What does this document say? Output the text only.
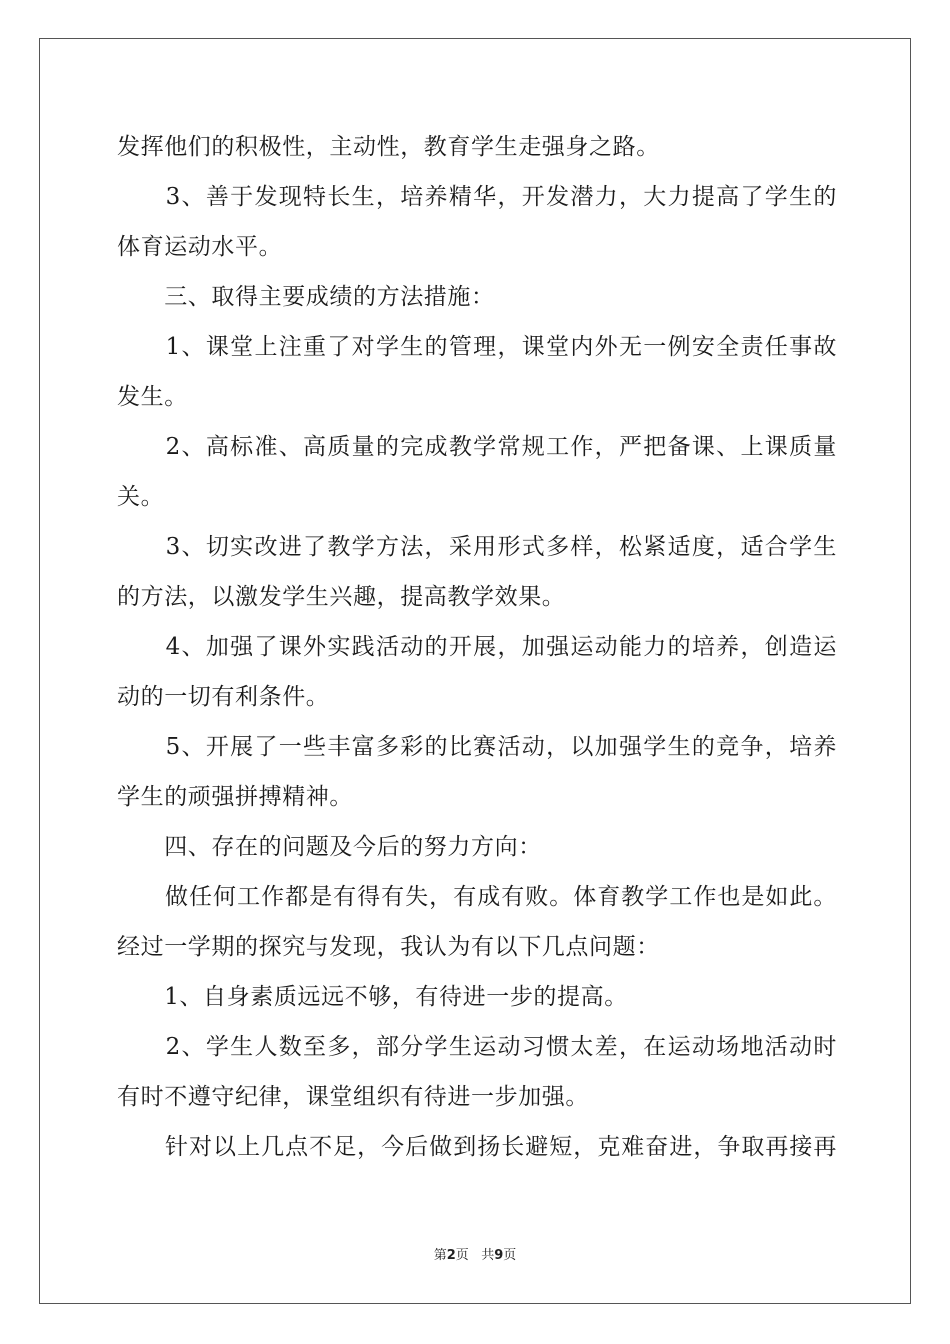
发挥他们的积极性，主动性，教育学生走强身之路。
　　3、善于发现特长生，培养精华，开发潜力，大力提高了学生的
体育运动水平。
　　三、取得主要成绩的方法措施：
　　1、课堂上注重了对学生的管理，课堂内外无一例安全责任事故
发生。
　　2、高标准、高质量的完成教学常规工作，严把备课、上课质量
关。
　　3、切实改进了教学方法，采用形式多样，松紧适度，适合学生
的方法，以激发学生兴趣，提高教学效果。
　　4、加强了课外实践活动的开展，加强运动能力的培养，创造运
动的一切有利条件。
　　5、开展了一些丰富多彩的比赛活动，以加强学生的竞争，培养
学生的顽强拼搏精神。
　　四、存在的问题及今后的努力方向：
　　做任何工作都是有得有失，有成有败。体育教学工作也是如此。
经过一学期的探究与发现，我认为有以下几点问题：
　　1、自身素质远远不够，有待进一步的提高。
　　2、学生人数至多，部分学生运动习惯太差，在运动场地活动时
有时不遵守纪律，课堂组织有待进一步加强。
　　针对以上几点不足，今后做到扬长避短，克难奋进，争取再接再
第2页 共9页
